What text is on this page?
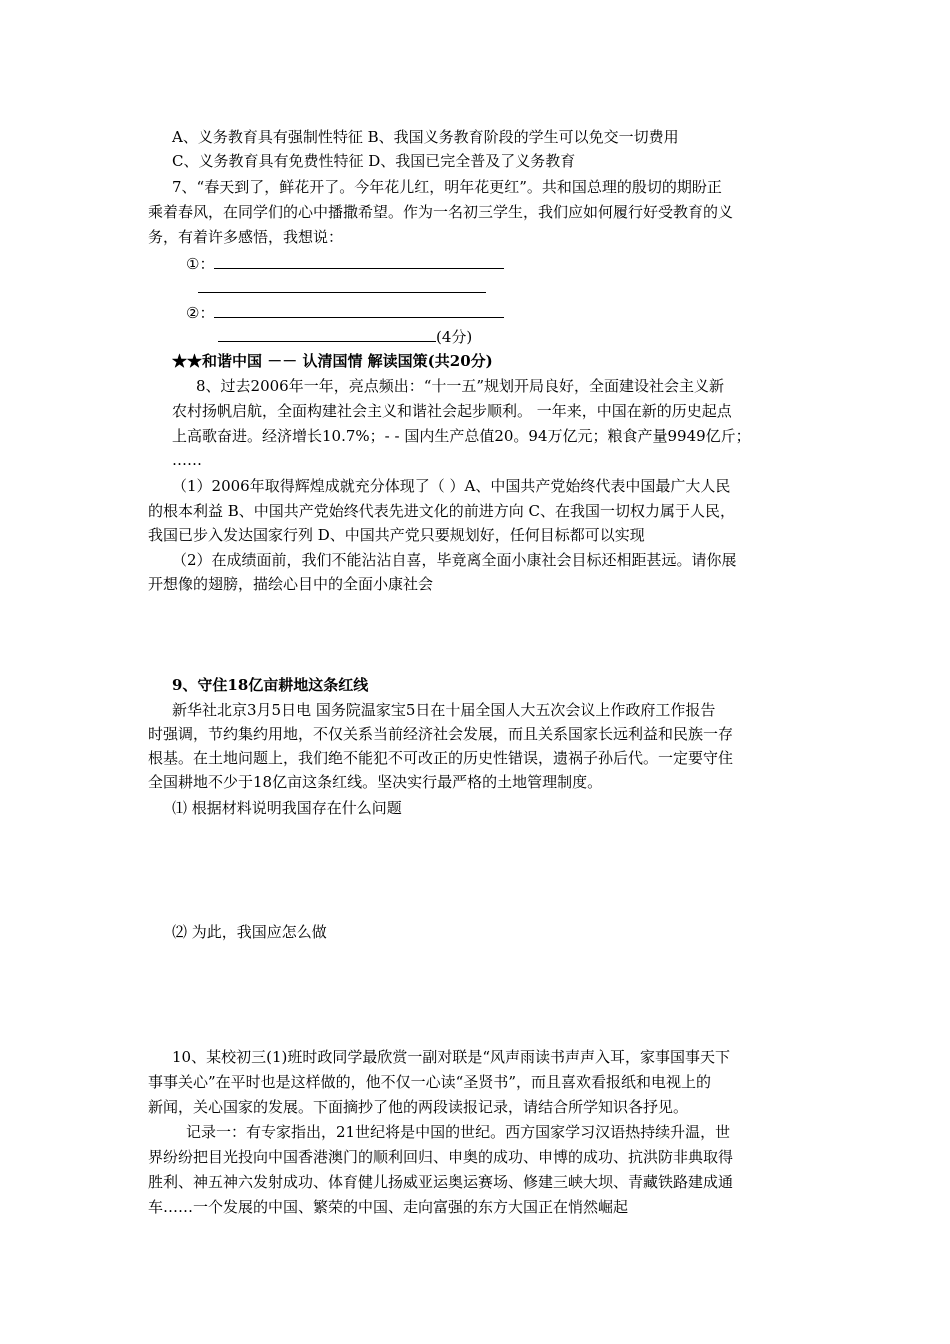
A、义务教育具有强制性特征 B、我国义务教育阶段的学生可以免交一切费用
C、义务教育具有免费性特征 D、我国已完全普及了义务教育
7、“春天到了，鲜花开了。今年花儿红，明年花更红”。共和国总理的殷切的期盼正
乘着春风，在同学们的心中播撒希望。作为一名初三学生，我们应如何履行好受教育的义
务，有着许多感悟，我想说：
①：
②：
(4分)
★★和谐中国 －－ 认清国情 解读国策(共20分)
8、过去2006年一年，亮点频出：“十一五”规划开局良好，全面建设社会主义新
农村扬帆启航，全面构建社会主义和谐社会起步顺利。 一年来，中国在新的历史起点
上高歌奋进。经济增长10.7%；- - 国内生产总值20。94万亿元；粮食产量9949亿斤；
……
（1）2006年取得辉煌成就充分体现了（ ）A、中国共产党始终代表中国最广大人民
的根本利益 B、中国共产党始终代表先进文化的前进方向 C、在我国一切权力属于人民，
我国已步入发达国家行列 D、中国共产党只要规划好，任何目标都可以实现
（2）在成绩面前，我们不能沾沾自喜，毕竟离全面小康社会目标还相距甚远。请你展
开想像的翅膀，描绘心目中的全面小康社会
9、守住18亿亩耕地这条红线
新华社北京3月5日电 国务院温家宝5日在十届全国人大五次会议上作政府工作报告
时强调，节约集约用地，不仅关系当前经济社会发展，而且关系国家长远利益和民族一存
根基。在土地问题上，我们绝不能犯不可改正的历史性错误，遗祸子孙后代。一定要守住
全国耕地不少于18亿亩这条红线。坚决实行最严格的土地管理制度。
⑴ 根据材料说明我国存在什么问题
⑵ 为此，我国应怎么做
10、某校初三(1)班时政同学最欣赏一副对联是“风声雨读书声声入耳，家事国事天下
事事关心”在平时也是这样做的，他不仅一心读“圣贤书”，而且喜欢看报纸和电视上的
新闻，关心国家的发展。下面摘抄了他的两段读报记录，请结合所学知识各抒见。
记录一：有专家指出，21世纪将是中国的世纪。西方国家学习汉语热持续升温，世
界纷纷把目光投向中国香港澳门的顺利回归、申奥的成功、申博的成功、抗洪防非典取得
胜利、神五神六发射成功、体育健儿扬威亚运奥运赛场、修建三峡大坝、青藏铁路建成通
车……一个发展的中国、繁荣的中国、走向富强的东方大国正在悄然崛起
